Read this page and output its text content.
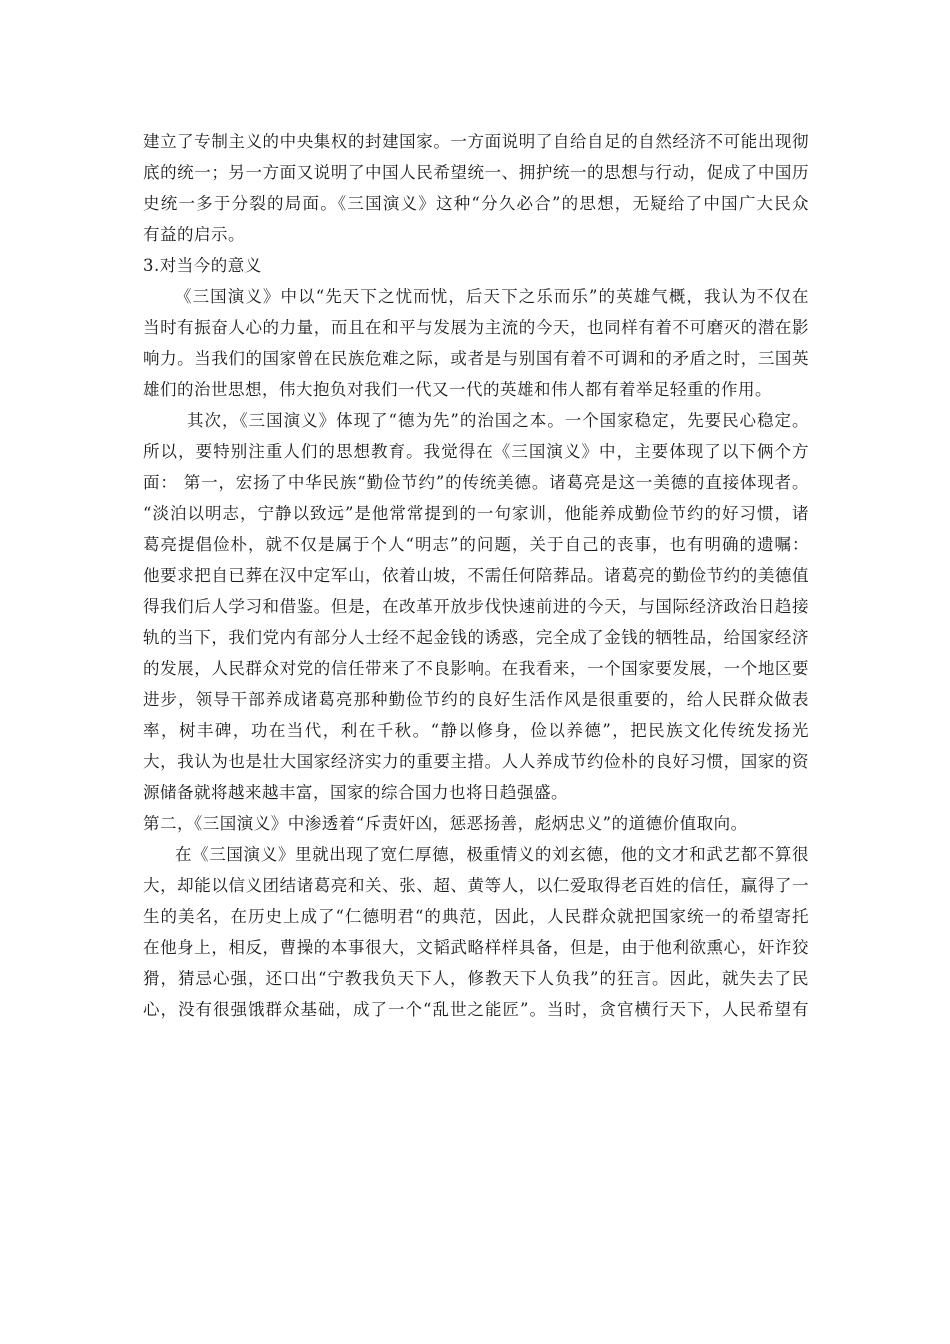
建立了专制主义的中央集权的封建国家。一方面说明了自给自足的自然经济不可能出现彻
底的统一；另一方面又说明了中国人民希望统一、拥护统一的思想与行动，促成了中国历
史统一多于分裂的局面。《三国演义》这种“分久必合”的思想，无疑给了中国广大民众
有益的启示。
3.对当今的意义
《三国演义》中以“先天下之忧而忧，后天下之乐而乐”的英雄气概，我认为不仅在
当时有振奋人心的力量，而且在和平与发展为主流的今天，也同样有着不可磨灭的潜在影
响力。当我们的国家曾在民族危难之际，或者是与别国有着不可调和的矛盾之时，三国英
雄们的治世思想，伟大抱负对我们一代又一代的英雄和伟人都有着举足轻重的作用。
其次，《三国演义》体现了“德为先”的治国之本。一个国家稳定，先要民心稳定。
所以，要特别注重人们的思想教育。我觉得在《三国演义》中，主要体现了以下俩个方
面： 第一，宏扬了中华民族“勤俭节约”的传统美德。诸葛亮是这一美德的直接体现者。
“淡泊以明志，宁静以致远”是他常常提到的一句家训，他能养成勤俭节约的好习惯，诸
葛亮提倡俭朴，就不仅是属于个人“明志”的问题，关于自己的丧事，也有明确的遗嘱：
他要求把自已葬在汉中定军山，依着山坡，不需任何陪葬品。诸葛亮的勤俭节约的美德值
得我们后人学习和借鉴。但是，在改革开放步伐快速前进的今天，与国际经济政治日趋接
轨的当下，我们党内有部分人士经不起金钱的诱惑，完全成了金钱的牺牲品，给国家经济
的发展，人民群众对党的信任带来了不良影响。在我看来，一个国家要发展，一个地区要
进步，领导干部养成诸葛亮那种勤俭节约的良好生活作风是很重要的，给人民群众做表
率，树丰碑，功在当代，利在千秋。“静以修身，俭以养德”，把民族文化传统发扬光
大，我认为也是壮大国家经济实力的重要主措。人人养成节约俭朴的良好习惯，国家的资
源储备就将越来越丰富，国家的综合国力也将日趋强盛。
第二，《三国演义》中渗透着“斥责奸凶，惩恶扬善，彪炳忠义”的道德价值取向。
在《三国演义》里就出现了宽仁厚德，极重情义的刘玄德，他的文才和武艺都不算很
大，却能以信义团结诸葛亮和关、张、超、黄等人，以仁爱取得老百姓的信任，赢得了一
生的美名，在历史上成了“仁德明君“的典范，因此，人民群众就把国家统一的希望寄托
在他身上，相反，曹操的本事很大，文韬武略样样具备，但是，由于他利欲熏心，奸诈狡
猾，猜忌心强，还口出“宁教我负天下人，修教天下人负我”的狂言。因此，就失去了民
心，没有很强饿群众基础，成了一个“乱世之能匠”。当时，贪官横行天下，人民希望有
